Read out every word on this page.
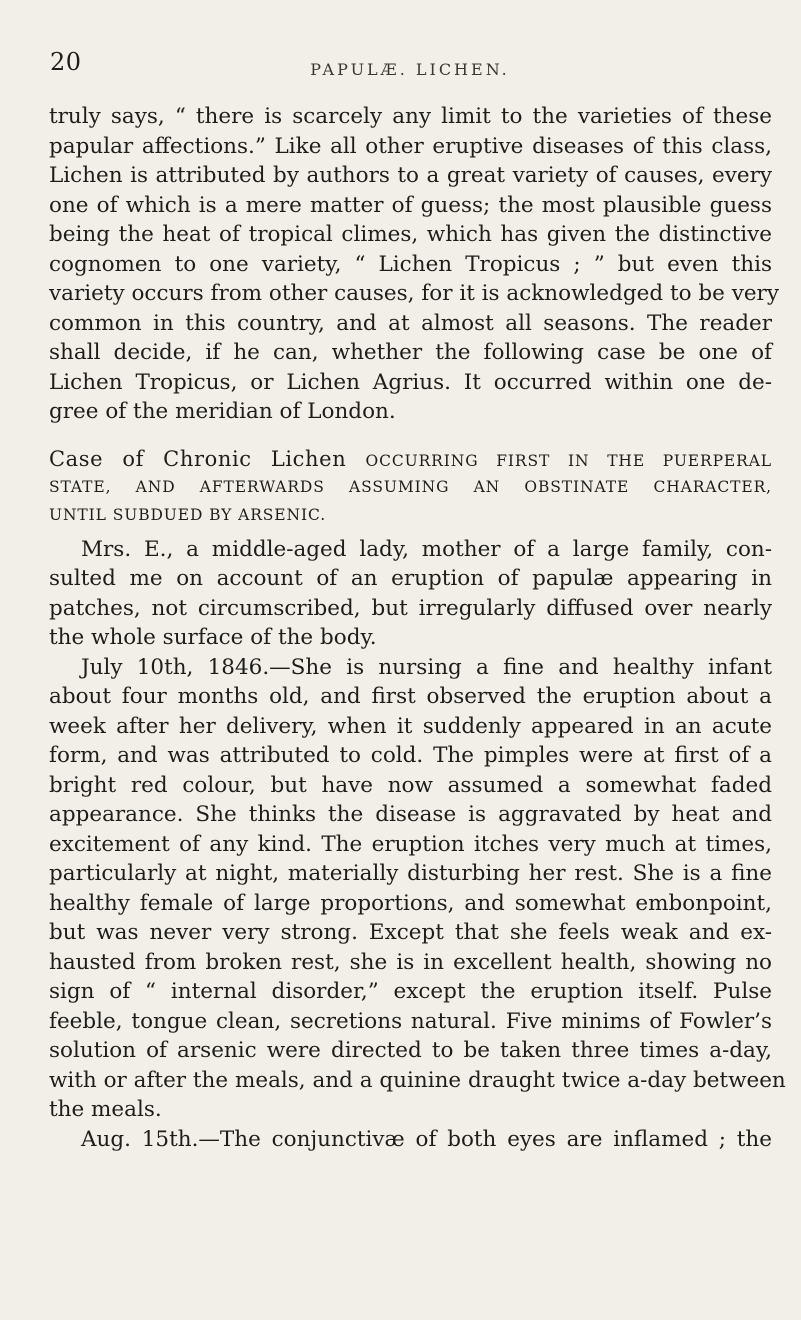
20	PAPULÆ. LICHEN.
truly says, “ there is scarcely any limit to the varieties of these
papular affections.” Like all other eruptive diseases of this class,
Lichen is attributed by authors to a great variety of causes, every
one of which is a mere matter of guess; the most plausible guess
being the heat of tropical climes, which has given the distinctive
cognomen to one variety, “ Lichen Tropicus ; ” but even this
variety occurs from other causes, for it is acknowledged to be very
common in this country, and at almost all seasons. The reader
shall decide, if he can, whether the following case be one of
Lichen Tropicus, or Lichen Agrius. It occurred within one de-
gree of the meridian of London.
Case of Chronic Lichen OCCURRING FIRST IN THE PUERPERAL
STATE, AND AFTERWARDS ASSUMING AN OBSTINATE CHARACTER,
UNTIL SUBDUED BY ARSENIC.
Mrs. E., a middle-aged lady, mother of a large family, con-
sulted me on account of an eruption of papulæ appearing in
patches, not circumscribed, but irregularly diffused over nearly
the whole surface of the body.
July 10th, 1846.—She is nursing a fine and healthy infant
about four months old, and first observed the eruption about a
week after her delivery, when it suddenly appeared in an acute
form, and was attributed to cold. The pimples were at first of a
bright red colour, but have now assumed a somewhat faded
appearance. She thinks the disease is aggravated by heat and
excitement of any kind. The eruption itches very much at times,
particularly at night, materially disturbing her rest. She is a fine
healthy female of large proportions, and somewhat embonpoint,
but was never very strong. Except that she feels weak and ex-
hausted from broken rest, she is in excellent health, showing no
sign of “ internal disorder,” except the eruption itself. Pulse
feeble, tongue clean, secretions natural. Five minims of Fowler’s
solution of arsenic were directed to be taken three times a-day,
with or after the meals, and a quinine draught twice a-day between
the meals.
Aug. 15th.—The conjunctivæ of both eyes are inflamed ; the
